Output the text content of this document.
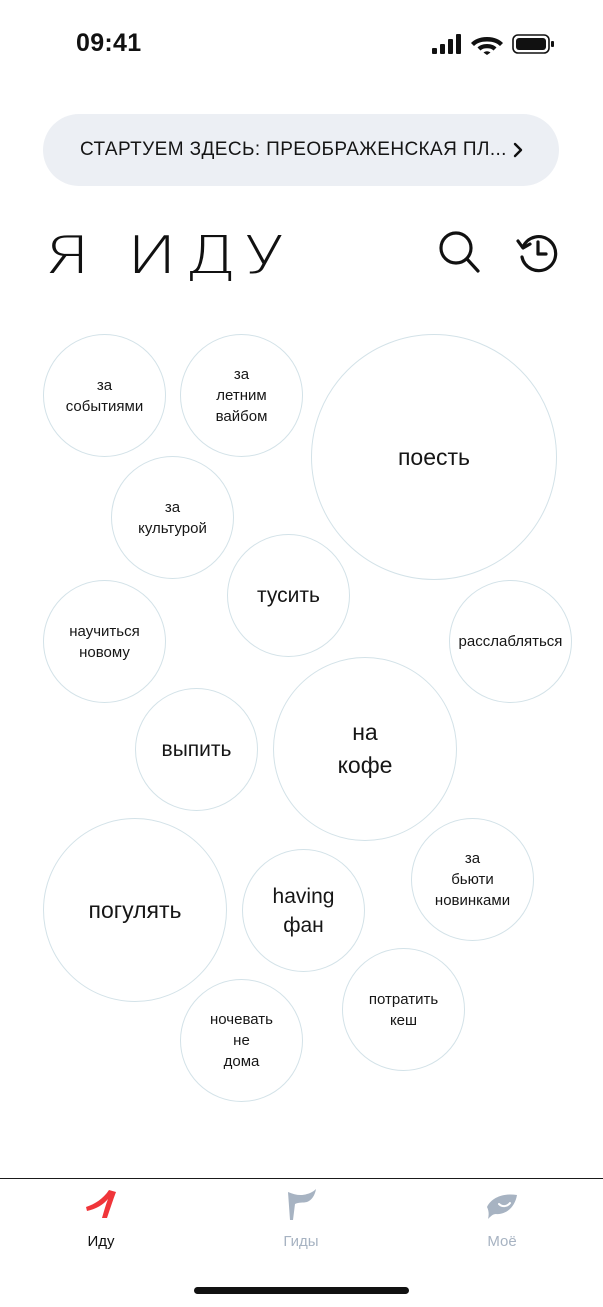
09:41
СТАРТУЕМ ЗДЕСЬ: ПРЕОБРАЖЕНСКАЯ ПЛ...
Я ИДУ
за
событиями
за
летним
вайбом
поесть
за
культурой
тусить
научиться
новому
расслабляться
выпить
на
кофе
погулять
having
фан
за
бьюти
новинками
потратить
кеш
ночевать
не
дома
Иду	Гиды	Моё
